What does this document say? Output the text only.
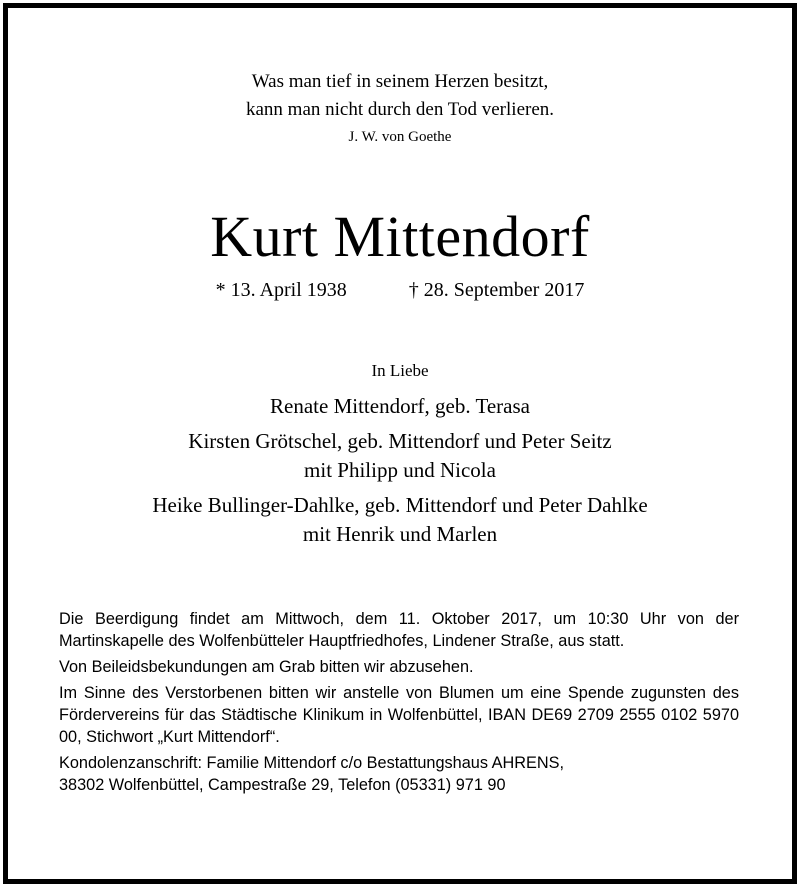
Was man tief in seinem Herzen besitzt,
kann man nicht durch den Tod verlieren.
J. W. von Goethe
Kurt Mittendorf
* 13. April 1938	† 28. September 2017
In Liebe
Renate Mittendorf, geb. Terasa
Kirsten Grötschel, geb. Mittendorf und Peter Seitz
mit Philipp und Nicola
Heike Bullinger-Dahlke, geb. Mittendorf und Peter Dahlke
mit Henrik und Marlen

Die Beerdigung findet am Mittwoch, dem 11. Oktober 2017, um 10:30 Uhr von der Martinskapelle des Wolfenbütteler Hauptfriedhofes, Lindener Straße, aus statt.

Von Beileidsbekundungen am Grab bitten wir abzusehen.

Im Sinne des Verstorbenen bitten wir anstelle von Blumen um eine Spende zugunsten des Fördervereins für das Städtische Klinikum in Wolfenbüttel, IBAN DE69 2709 2555 0102 5970 00, Stichwort „Kurt Mittendorf“.

Kondolenzanschrift: Familie Mittendorf c/o Bestattungshaus AHRENS,
38302 Wolfenbüttel, Campestraße 29, Telefon (05331) 971 90
